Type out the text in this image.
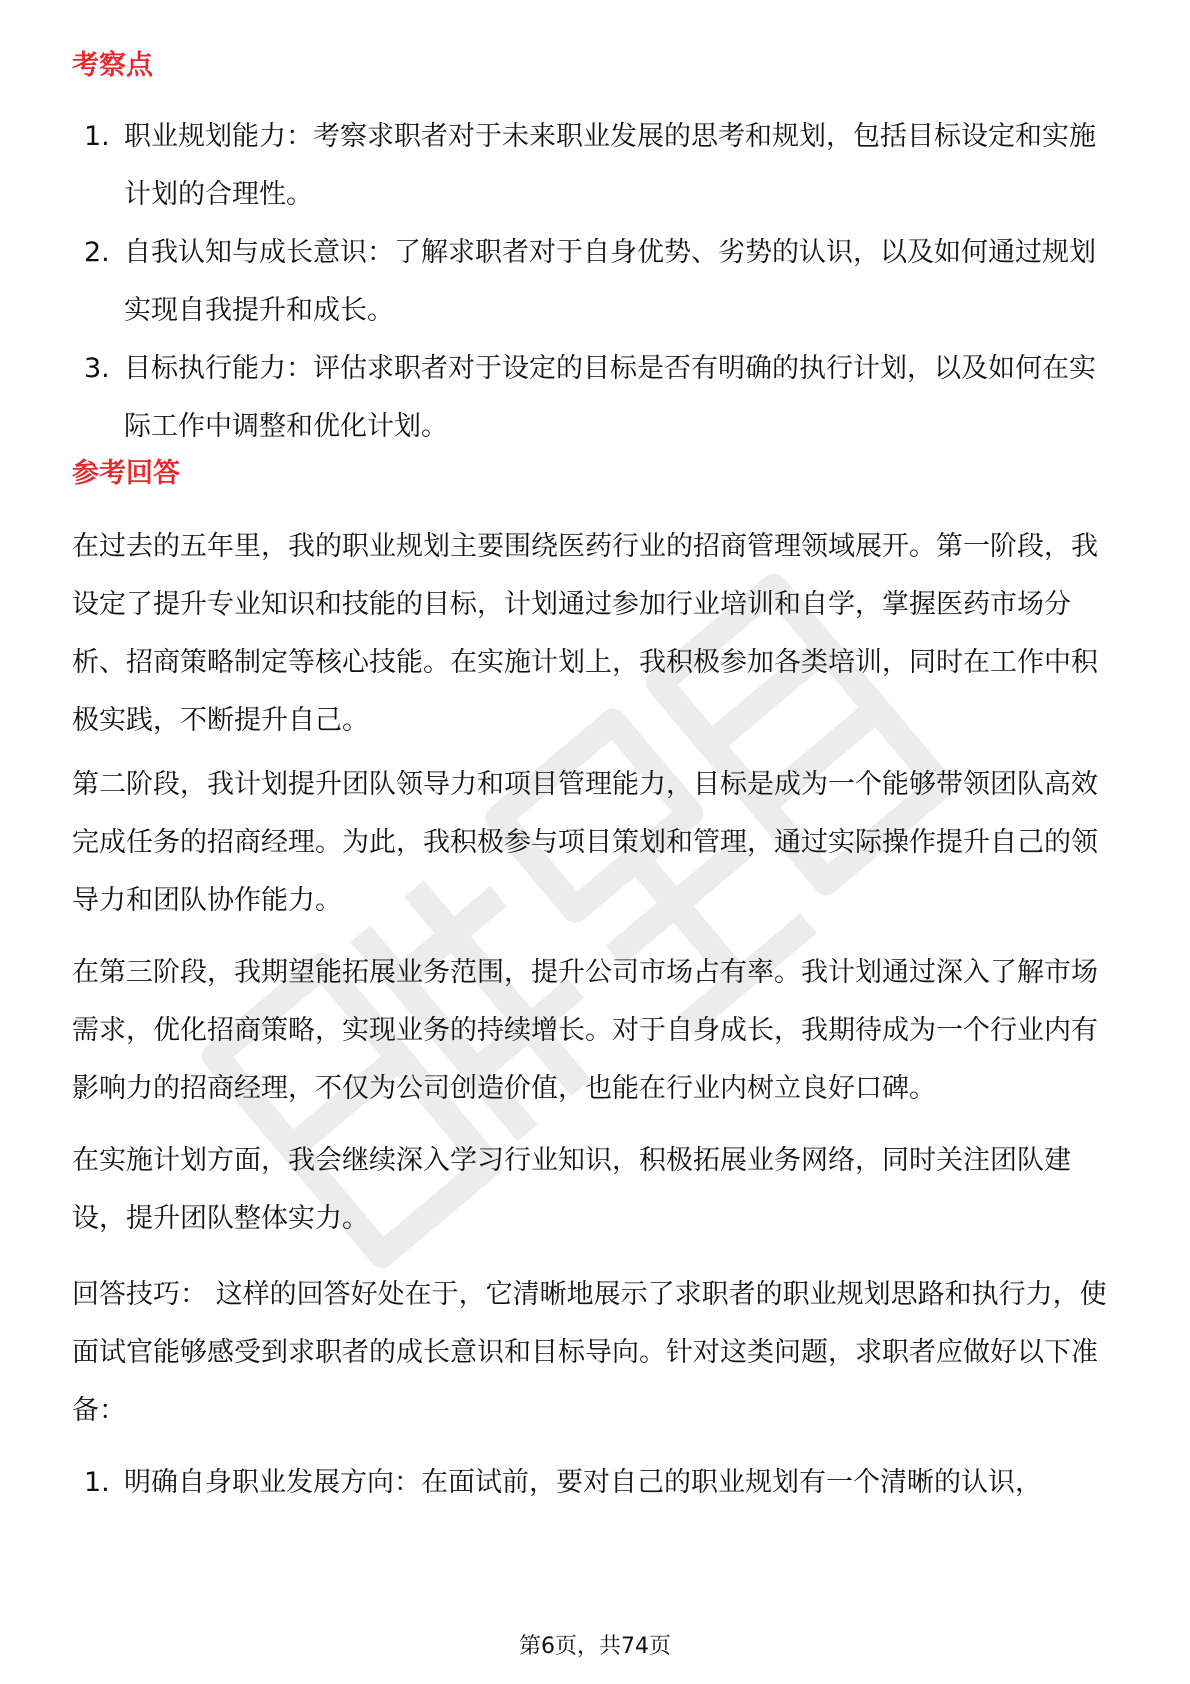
考察点
1. 职业规划能力：考察求职者对于未来职业发展的思考和规划，包括目标设定和实施计划的合理性。
2. 自我认知与成长意识：了解求职者对于自身优势、劣势的认识，以及如何通过规划实现自我提升和成长。
3. 目标执行能力：评估求职者对于设定的目标是否有明确的执行计划，以及如何在实际工作中调整和优化计划。
参考回答

在过去的五年里，我的职业规划主要围绕医药行业的招商管理领域展开。第一阶段，我设定了提升专业知识和技能的目标，计划通过参加行业培训和自学，掌握医药市场分析、招商策略制定等核心技能。在实施计划上，我积极参加各类培训，同时在工作中积极实践，不断提升自己。

第二阶段，我计划提升团队领导力和项目管理能力，目标是成为一个能够带领团队高效完成任务的招商经理。为此，我积极参与项目策划和管理，通过实际操作提升自己的领导力和团队协作能力。

在第三阶段，我期望能拓展业务范围，提升公司市场占有率。我计划通过深入了解市场需求，优化招商策略，实现业务的持续增长。对于自身成长，我期待成为一个行业内有影响力的招商经理，不仅为公司创造价值，也能在行业内树立良好口碑。

在实施计划方面，我会继续深入学习行业知识，积极拓展业务网络，同时关注团队建设，提升团队整体实力。

回答技巧： 这样的回答好处在于，它清晰地展示了求职者的职业规划思路和执行力，使面试官能够感受到求职者的成长意识和目标导向。针对这类问题，求职者应做好以下准备：

1. 明确自身职业发展方向：在面试前，要对自己的职业规划有一个清晰的认识，
第6页，共74页
